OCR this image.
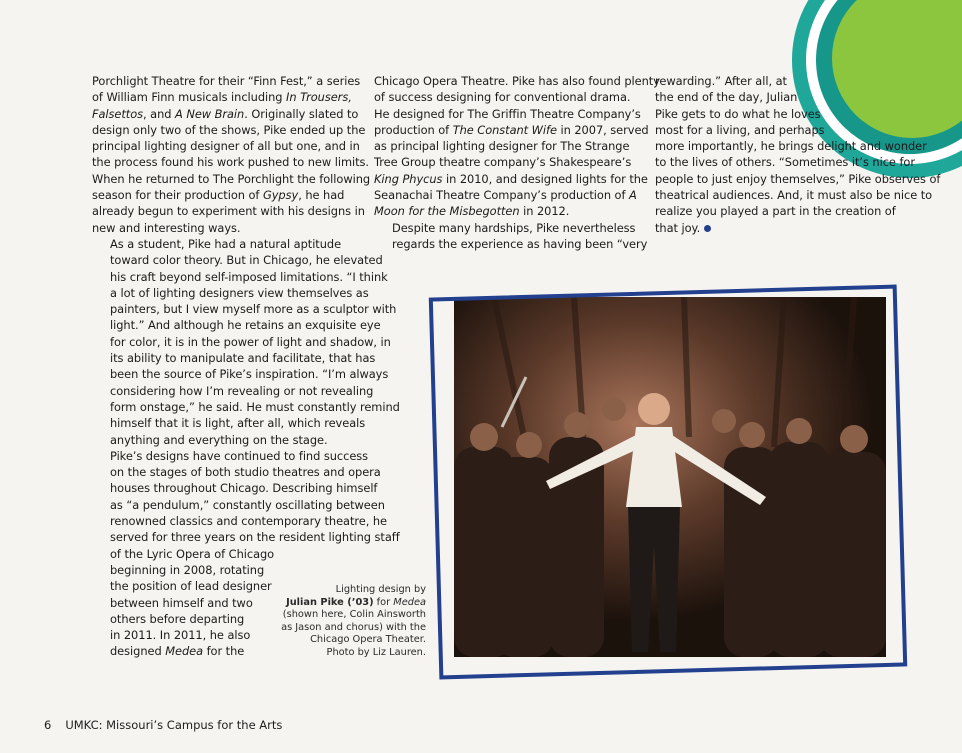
Porchlight Theatre for their “Finn Fest,” a series
of William Finn musicals including In Trousers,
Falsettos, and A New Brain. Originally slated to
design only two of the shows, Pike ended up the
principal lighting designer of all but one, and in
the process found his work pushed to new limits.
When he returned to The Porchlight the following
season for their production of Gypsy, he had
already begun to experiment with his designs in
new and interesting ways.

As a student, Pike had a natural aptitude
toward color theory. But in Chicago, he elevated
his craft beyond self-imposed limitations. “I think
a lot of lighting designers view themselves as
painters, but I view myself more as a sculptor with
light.” And although he retains an exquisite eye
for color, it is in the power of light and shadow, in
its ability to manipulate and facilitate, that has
been the source of Pike’s inspiration. “I’m always
considering how I’m revealing or not revealing
form onstage,” he said. He must constantly remind
himself that it is light, after all, which reveals
anything and everything on the stage.

Pike’s designs have continued to find success
on the stages of both studio theatres and opera
houses throughout Chicago. Describing himself
as “a pendulum,” constantly oscillating between
renowned classics and contemporary theatre, he
served for three years on the resident lighting staff
of the Lyric Opera of Chicago
beginning in 2008, rotating
the position of lead designer
between himself and two
others before departing
in 2011. In 2011, he also
designed Medea for the

Chicago Opera Theatre. Pike has also found plenty
of success designing for conventional drama.
He designed for The Griffin Theatre Company’s
production of The Constant Wife in 2007, served
as principal lighting designer for The Strange
Tree Group theatre company’s Shakespeare’s
King Phycus in 2010, and designed lights for the
Seanachai Theatre Company’s production of A
Moon for the Misbegotten in 2012.

Despite many hardships, Pike nevertheless
regards the experience as having been “very

rewarding.” After all, at
the end of the day, Julian
Pike gets to do what he loves
most for a living, and perhaps
more importantly, he brings delight and wonder
to the lives of others. “Sometimes it’s nice for
people to just enjoy themselves,” Pike observes of
theatrical audiences. And, it must also be nice to
realize you played a part in the creation of
that joy.

Lighting design by
Julian Pike (’03) for Medea
(shown here, Colin Ainsworth
as Jason and chorus) with the
Chicago Opera Theater.
Photo by Liz Lauren.
6 UMKC: Missouri’s Campus for the Arts
